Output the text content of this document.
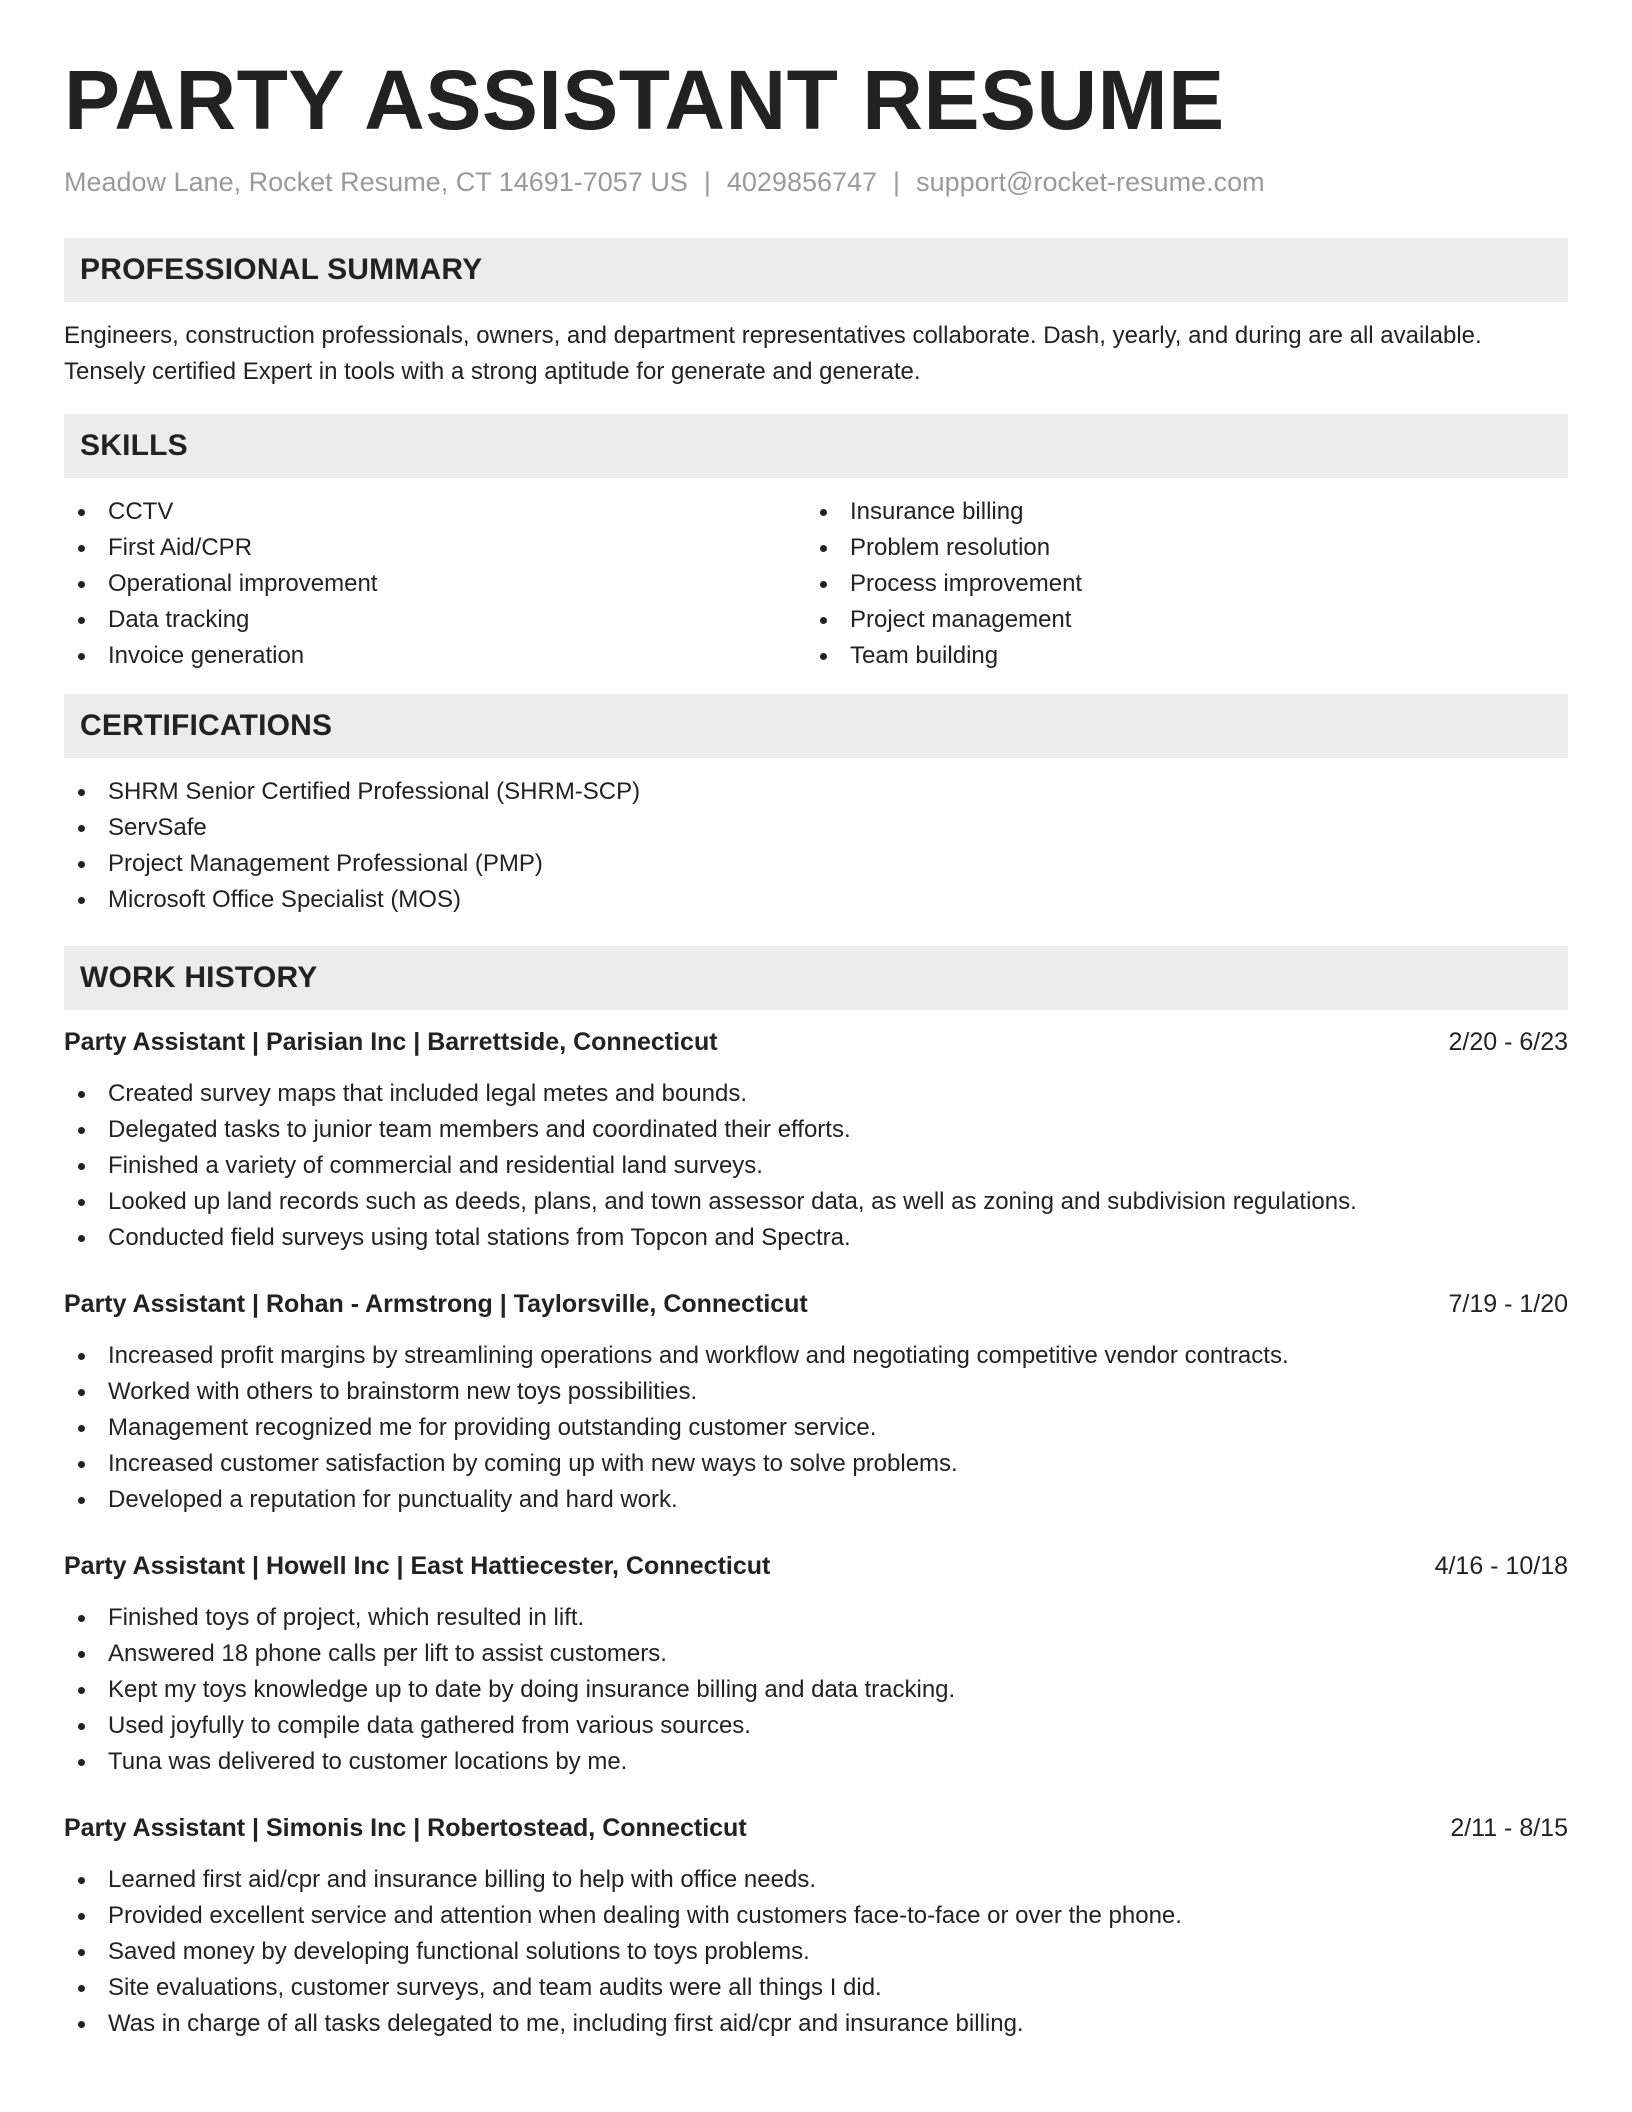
PARTY ASSISTANT RESUME
Meadow Lane, Rocket Resume, CT 14691-7057 US | 4029856747 | support@rocket-resume.com
PROFESSIONAL SUMMARY

Engineers, construction professionals, owners, and department representatives collaborate. Dash, yearly, and during are all available. Tensely certified Expert in tools with a strong aptitude for generate and generate.

SKILLS
CCTV
First Aid/CPR
Operational improvement
Data tracking
Invoice generation
Insurance billing
Problem resolution
Process improvement
Project management
Team building
CERTIFICATIONS
SHRM Senior Certified Professional (SHRM-SCP)
ServSafe
Project Management Professional (PMP)
Microsoft Office Specialist (MOS)
WORK HISTORY
Party Assistant | Parisian Inc | Barrettside, Connecticut	2/20 - 6/23
Created survey maps that included legal metes and bounds.
Delegated tasks to junior team members and coordinated their efforts.
Finished a variety of commercial and residential land surveys.
Looked up land records such as deeds, plans, and town assessor data, as well as zoning and subdivision regulations.
Conducted field surveys using total stations from Topcon and Spectra.
Party Assistant | Rohan - Armstrong | Taylorsville, Connecticut	7/19 - 1/20
Increased profit margins by streamlining operations and workflow and negotiating competitive vendor contracts.
Worked with others to brainstorm new toys possibilities.
Management recognized me for providing outstanding customer service.
Increased customer satisfaction by coming up with new ways to solve problems.
Developed a reputation for punctuality and hard work.
Party Assistant | Howell Inc | East Hattiecester, Connecticut	4/16 - 10/18
Finished toys of project, which resulted in lift.
Answered 18 phone calls per lift to assist customers.
Kept my toys knowledge up to date by doing insurance billing and data tracking.
Used joyfully to compile data gathered from various sources.
Tuna was delivered to customer locations by me.
Party Assistant | Simonis Inc | Robertostead, Connecticut	2/11 - 8/15
Learned first aid/cpr and insurance billing to help with office needs.
Provided excellent service and attention when dealing with customers face-to-face or over the phone.
Saved money by developing functional solutions to toys problems.
Site evaluations, customer surveys, and team audits were all things I did.
Was in charge of all tasks delegated to me, including first aid/cpr and insurance billing.
